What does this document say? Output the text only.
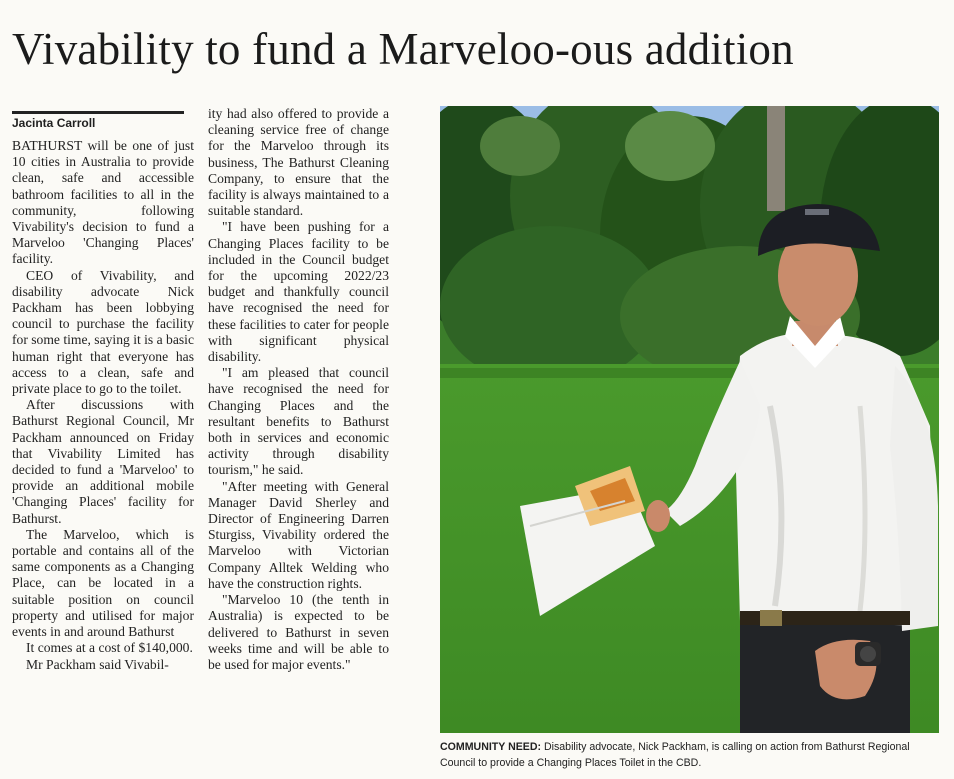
Vivability to fund a Marveloo-ous addition
Jacinta Carroll

BATHURST will be one of just 10 cities in Australia to provide clean, safe and accessible bathroom facilities to all in the community, following Vivability's decision to fund a Marveloo 'Changing Places' facility.

CEO of Vivability, and disability advocate Nick Packham has been lobbying council to purchase the facility for some time, saying it is a basic human right that everyone has access to a clean, safe and private place to go to the toilet.

After discussions with Bathurst Regional Council, Mr Packham announced on Friday that Vivability Limited has decided to fund a 'Marveloo' to provide an additional mobile 'Changing Places' facility for Bathurst.

The Marveloo, which is portable and contains all of the same components as a Changing Place, can be located in a suitable position on council property and utilised for major events in and around Bathurst

It comes at a cost of $140,000.

Mr Packham said Vivabil-

ity had also offered to provide a cleaning service free of change for the Marveloo through its business, The Bathurst Cleaning Company, to ensure that the facility is always maintained to a suitable standard.

"I have been pushing for a Changing Places facility to be included in the Council budget for the upcoming 2022/23 budget and thankfully council have recognised the need for these facilities to cater for people with significant physical disability.

"I am pleased that council have recognised the need for Changing Places and the resultant benefits to Bathurst both in services and economic activity through disability tourism," he said.

"After meeting with General Manager David Sherley and Director of Engineering Darren Sturgiss, Vivability ordered the Marveloo with Victorian Company Alltek Welding who have the construction rights.

"Marveloo 10 (the tenth in Australia) is expected to be delivered to Bathurst in seven weeks time and will be able to be used for major events."

COMMUNITY NEED: Disability advocate, Nick Packham, is calling on action from Bathurst Regional Council to provide a Changing Places Toilet in the CBD.
